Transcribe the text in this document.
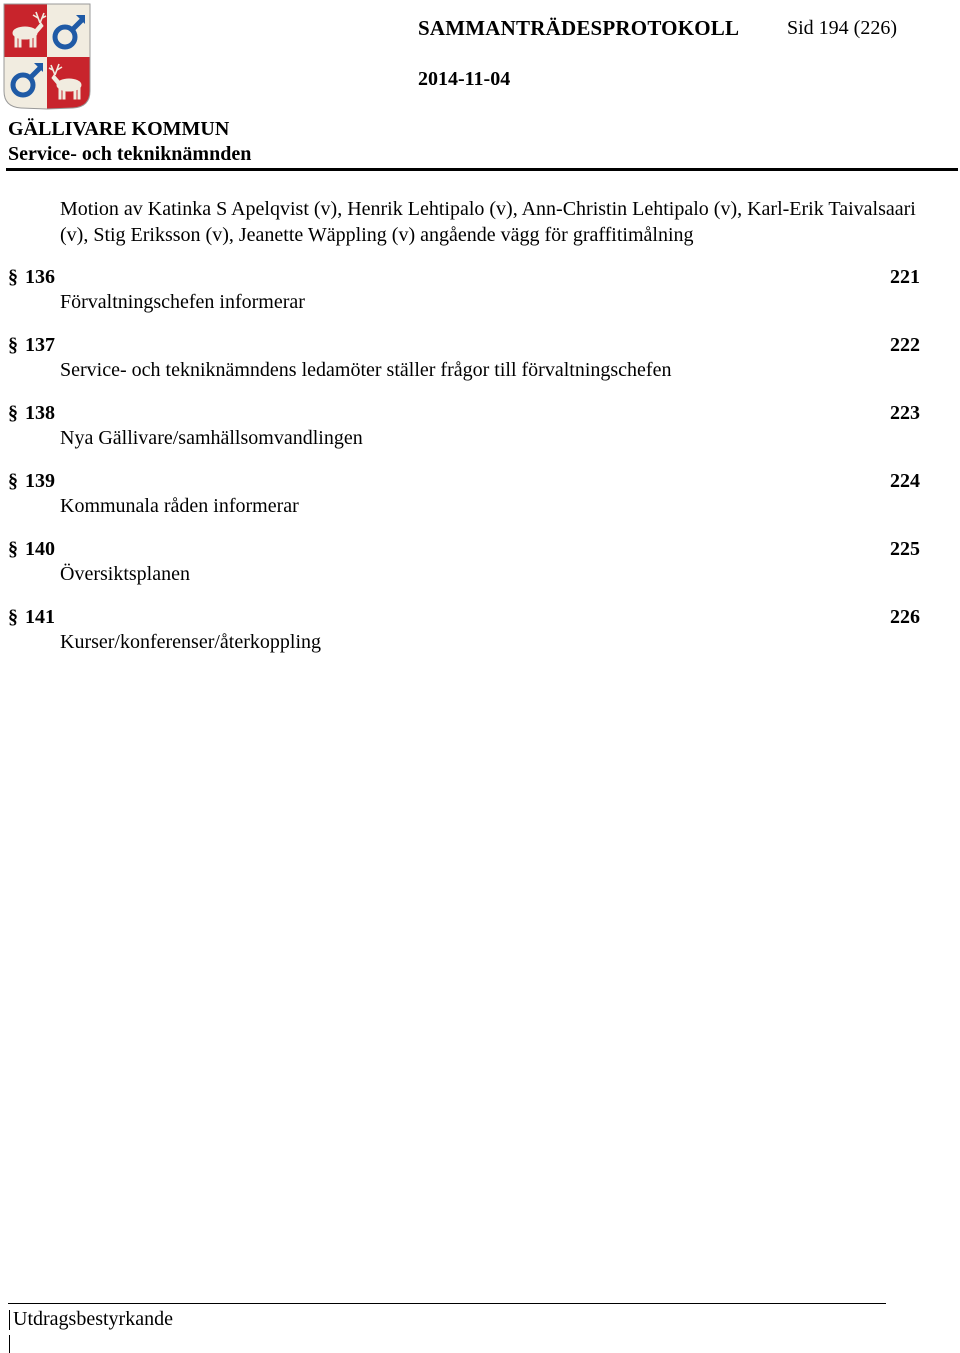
SAMMANTRÄDESPROTOKOLL Sid 194 (226)
2014-11-04
GÄLLIVARE KOMMUN
Service- och tekniknämnden
Motion av Katinka S Apelqvist (v), Henrik Lehtipalo (v), Ann-Christin Lehtipalo (v), Karl-Erik Taivalsaari (v), Stig Eriksson (v), Jeanette Wäppling (v) angående vägg för graffitimålning
§ 136	221
Förvaltningschefen informerar
§ 137	222
Service- och tekniknämndens ledamöter ställer frågor till förvaltningschefen
§ 138	223
Nya Gällivare/samhällsomvandlingen
§ 139	224
Kommunala råden informerar
§ 140	225
Översiktsplanen
§ 141	226
Kurser/konferenser/återkoppling
Utdragsbestyrkande
